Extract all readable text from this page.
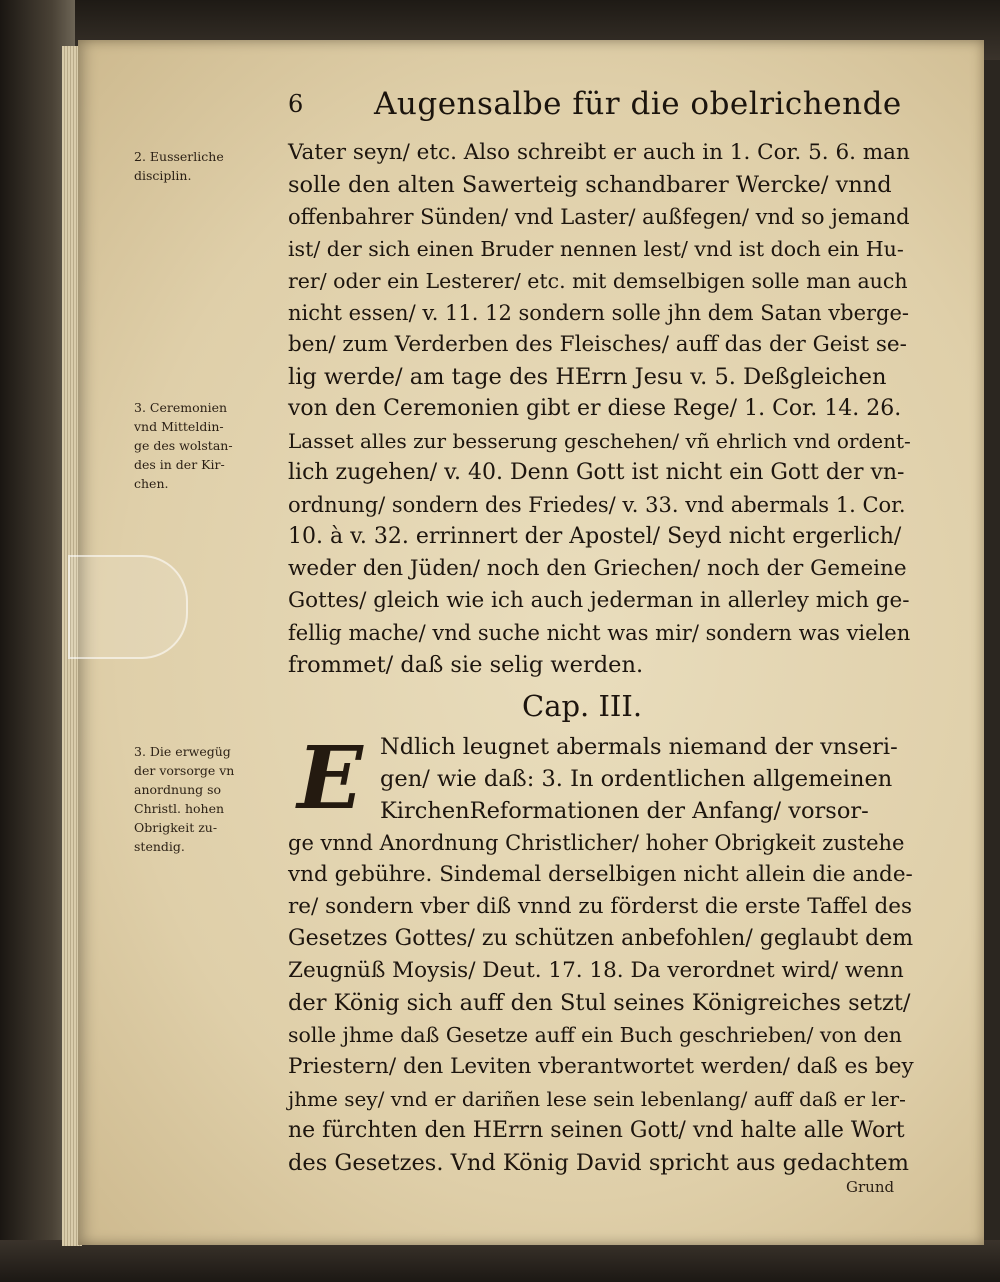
6 Augensalbe für die obelrichende
2. Eusserliche
disciplin.
3. Ceremonien
vnd Mitteldin-
ge des wolstan-
des in der Kir-
chen.
3. Die erwegüg
der vorsorge vn
anordnung so
Christl. hohen
Obrigkeit zu-
stendig.
Vater seyn/ etc. Also schreibt er auch in 1. Cor. 5. 6. man
solle den alten Sawerteig schandbarer Wercke/ vnnd
offenbahrer Sünden/ vnd Laster/ außfegen/ vnd so jemand
ist/ der sich einen Bruder nennen lest/ vnd ist doch ein Hu-
rer/ oder ein Lesterer/ etc. mit demselbigen solle man auch
nicht essen/ v. 11. 12 sondern solle jhn dem Satan vberge-
ben/ zum Verderben des Fleisches/ auff das der Geist se-
lig werde/ am tage des HErrn Jesu v. 5. Deßgleichen
von den Ceremonien gibt er diese Rege/ 1. Cor. 14. 26.
Lasset alles zur besserung geschehen/ vñ ehrlich vnd ordent-
lich zugehen/ v. 40. Denn Gott ist nicht ein Gott der vn-
ordnung/ sondern des Friedes/ v. 33. vnd abermals 1. Cor.
10. à v. 32. errinnert der Apostel/ Seyd nicht ergerlich/
weder den Jüden/ noch den Griechen/ noch der Gemeine
Gottes/ gleich wie ich auch jederman in allerley mich ge-
fellig mache/ vnd suche nicht was mir/ sondern was vielen
frommet/ daß sie selig werden.
Cap. III.
E Ndlich leugnet abermals niemand der vnseri-
gen/ wie daß: 3. In ordentlichen allgemeinen
KirchenReformationen der Anfang/ vorsor-
ge vnnd Anordnung Christlicher/ hoher Obrigkeit zustehe
vnd gebühre. Sindemal derselbigen nicht allein die ande-
re/ sondern vber diß vnnd zu förderst die erste Taffel des
Gesetzes Gottes/ zu schützen anbefohlen/ geglaubt dem
Zeugnüß Moysis/ Deut. 17. 18. Da verordnet wird/ wenn
der König sich auff den Stul seines Königreiches setzt/
solle jhme daß Gesetze auff ein Buch geschrieben/ von den
Priestern/ den Leviten vberantwortet werden/ daß es bey
jhme sey/ vnd er dariñen lese sein lebenlang/ auff daß er ler-
ne fürchten den HErrn seinen Gott/ vnd halte alle Wort
des Gesetzes. Vnd König David spricht aus gedachtem
Grund
